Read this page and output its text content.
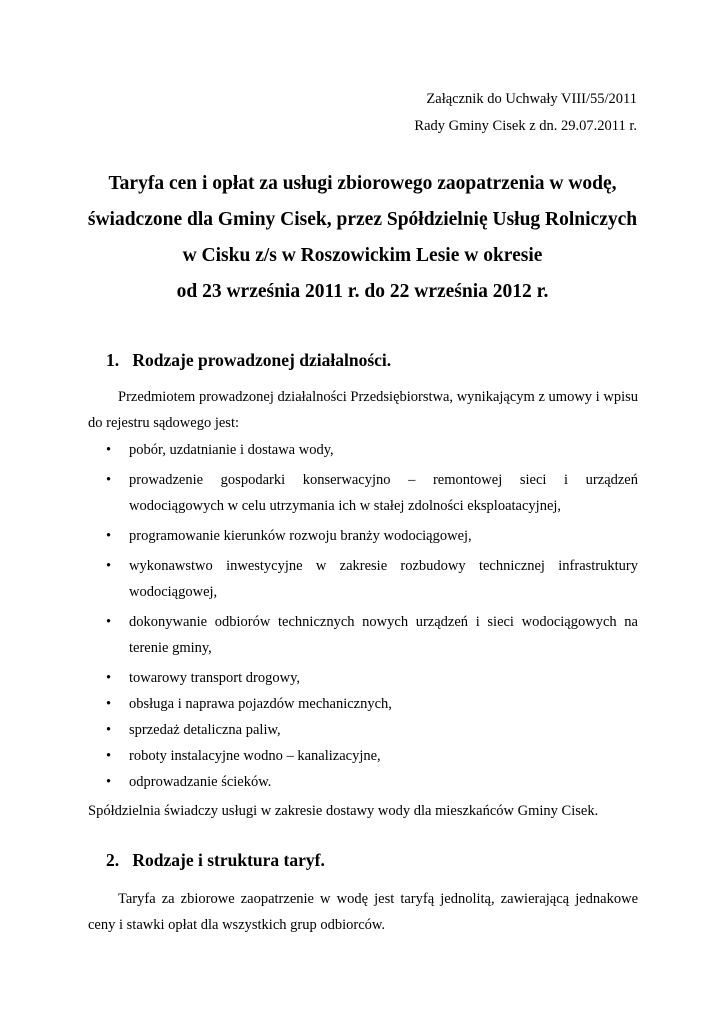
Załącznik do Uchwały VIII/55/2011
Rady Gminy Cisek z dn. 29.07.2011 r.
Taryfa cen i opłat za usługi zbiorowego zaopatrzenia w wodę,
świadczone dla Gminy Cisek, przez Spółdzielnię Usług Rolniczych
w Cisku z/s w Roszowickim Lesie w okresie
od 23 września 2011 r. do 22 września 2012 r.
1. Rodzaje prowadzonej działalności.
Przedmiotem prowadzonej działalności Przedsiębiorstwa, wynikającym z umowy i wpisu
do rejestru sądowego jest:
• pobór, uzdatnianie i dostawa wody,
• prowadzenie gospodarki konserwacyjno – remontowej sieci i urządzeń
wodociągowych w celu utrzymania ich w stałej zdolności eksploatacyjnej,
• programowanie kierunków rozwoju branży wodociągowej,
• wykonawstwo inwestycyjne w zakresie rozbudowy technicznej infrastruktury
wodociągowej,
• dokonywanie odbiorów technicznych nowych urządzeń i sieci wodociągowych na
terenie gminy,
• towarowy transport drogowy,
• obsługa i naprawa pojazdów mechanicznych,
• sprzedaż detaliczna paliw,
• roboty instalacyjne wodno – kanalizacyjne,
• odprowadzanie ścieków.
Spółdzielnia świadczy usługi w zakresie dostawy wody dla mieszkańców Gminy Cisek.
2. Rodzaje i struktura taryf.
Taryfa za zbiorowe zaopatrzenie w wodę jest taryfą jednolitą, zawierającą jednakowe
ceny i stawki opłat dla wszystkich grup odbiorców.
